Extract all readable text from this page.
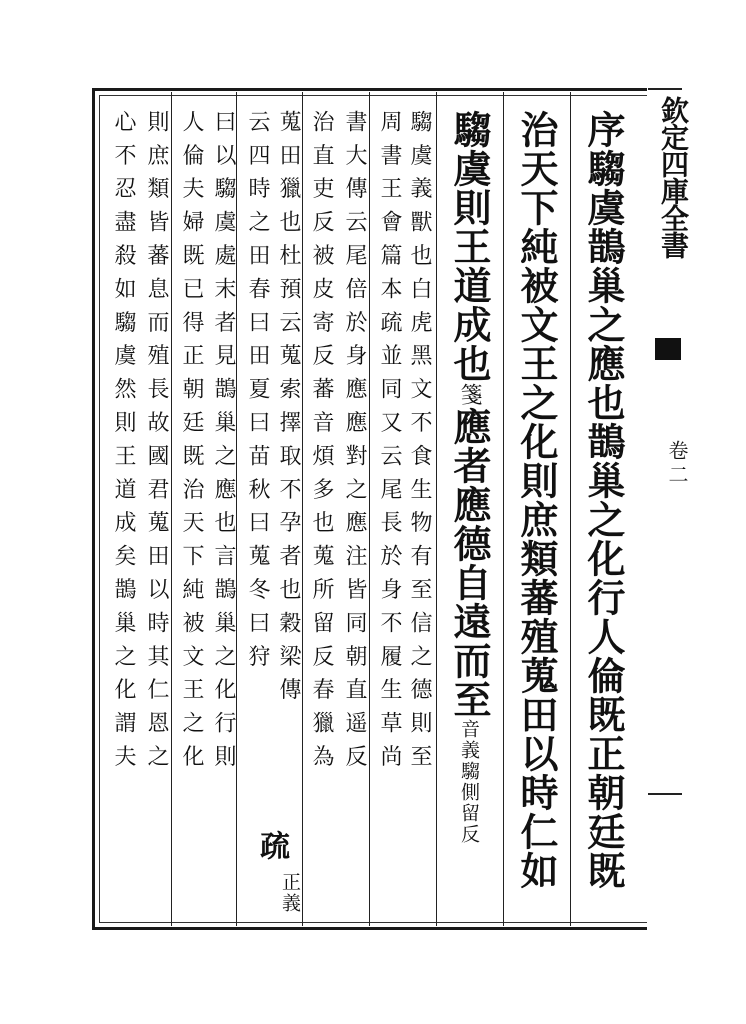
序騶虞鵲巢之應也鵲巢之化行人倫既正朝廷既
治天下純被文王之化則庶類蕃殖蒐田以時仁如
騶虞則王道成也箋應者應德自遠而至音義騶側留反
騶虞義獸也白虎黑文不食生物有至信之德則至
周書王會篇本疏並同又云尾長於身不履生草尚
書大傳云尾倍於身應應對之應注皆同朝直遥反
治直吏反被皮寄反蕃音煩多也蒐所留反春獵為
蒐田獵也杜預云蒐索擇取不孕者也穀梁傳
疏
正義
云四時之田春曰田夏曰苗秋曰蒐冬曰狩
曰以騶虞處末者見鵲巢之應也言鵲巢之化行則
人倫夫婦既已得正朝廷既治天下純被文王之化
則庶類皆蕃息而殖長故國君蒐田以時其仁恩之
心不忍盡殺如騶虞然則王道成矣鵲巢之化謂夫	欽定四庫全書
卷二
